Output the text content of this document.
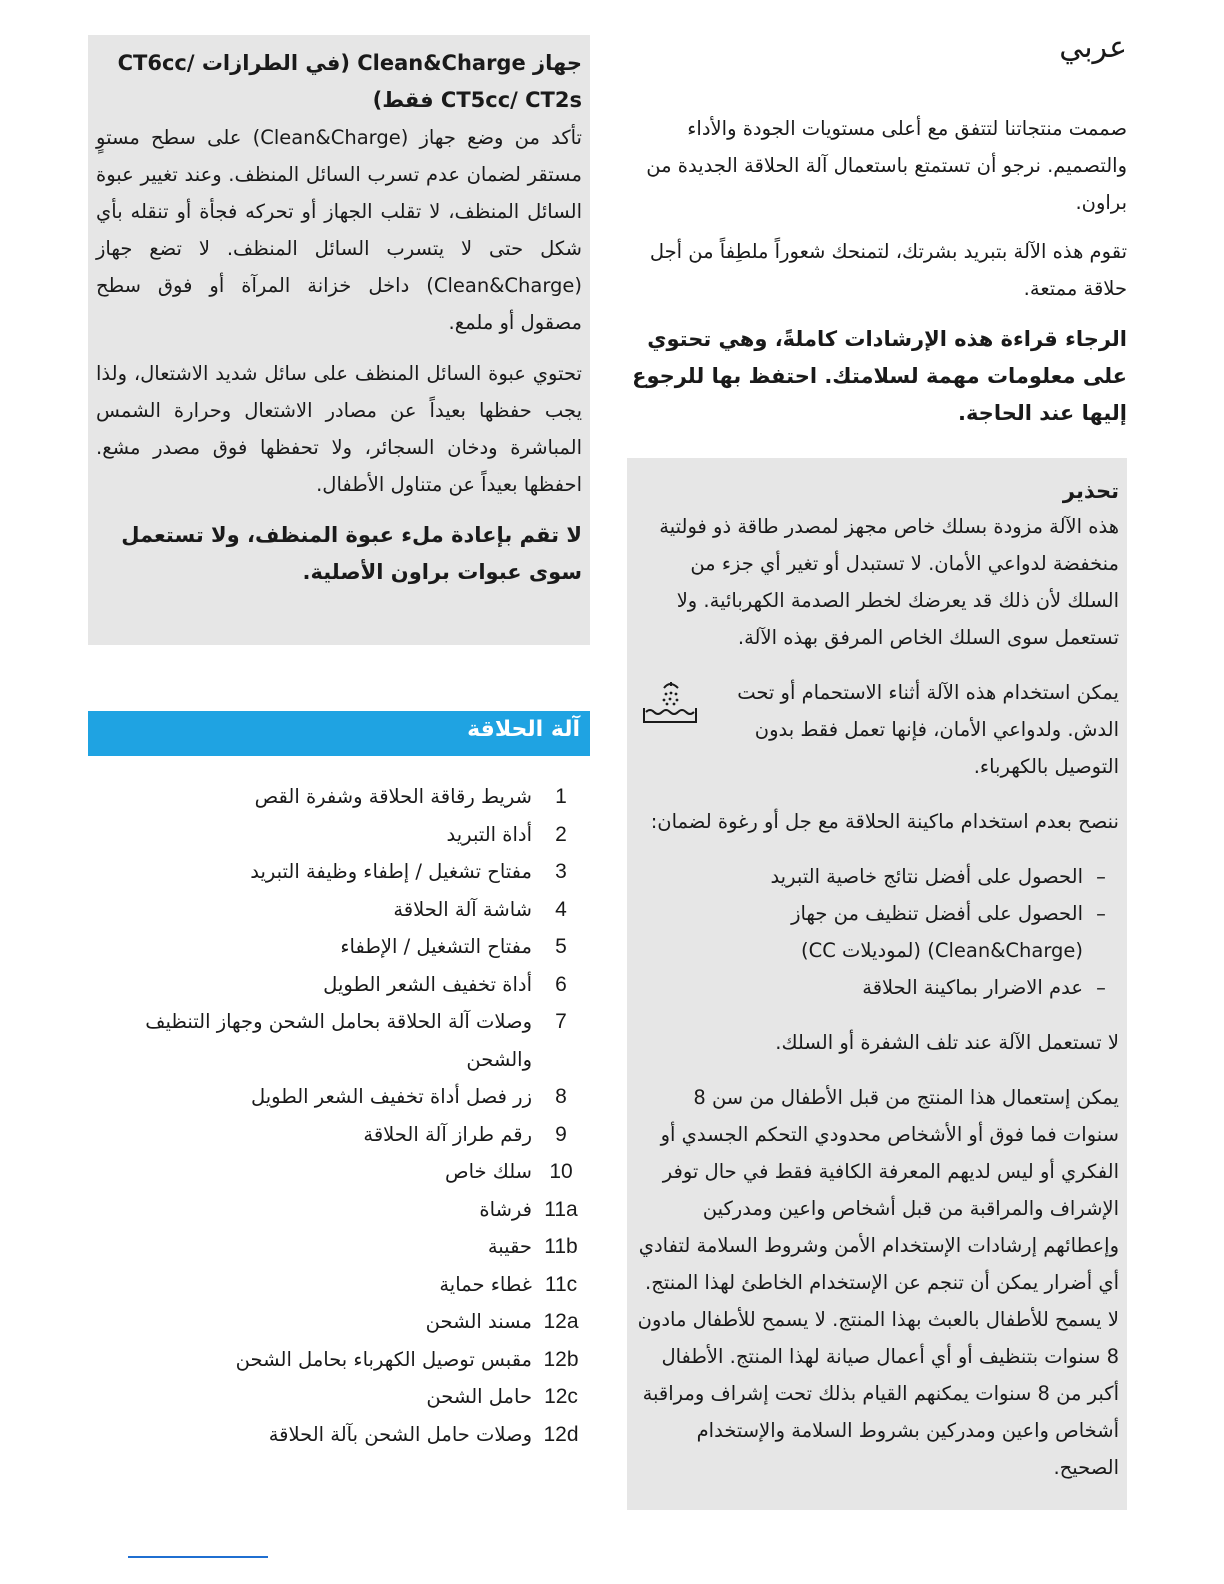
جهاز Clean&Charge (في الطرازات CT6cc/ CT5cc/ CT2s فقط)

تأكد من وضع جهاز (Clean&Charge) على سطح مستوٍ مستقر لضمان عدم تسرب السائل المنظف. وعند تغيير عبوة السائل المنظف، لا تقلب الجهاز أو تحركه فجأة أو تنقله بأي شكل حتى لا يتسرب السائل المنظف. لا تضع جهاز (Clean&Charge) داخل خزانة المرآة أو فوق سطح مصقول أو ملمع.

تحتوي عبوة السائل المنظف على سائل شديد الاشتعال، ولذا يجب حفظها بعيداً عن مصادر الاشتعال وحرارة الشمس المباشرة ودخان السجائر، ولا تحفظها فوق مصدر مشع. احفظها بعيداً عن متناول الأطفال.

لا تقم بإعادة ملء عبوة المنظف، ولا تستعمل سوى عبوات براون الأصلية.

آلة الحلاقة
1
شريط رقاقة الحلاقة وشفرة القص
2
أداة التبريد
3
مفتاح تشغيل / إطفاء وظيفة التبريد
4
شاشة آلة الحلاقة
5
مفتاح التشغيل / الإطفاء
6
أداة تخفيف الشعر الطويل
7
وصلات آلة الحلاقة بحامل الشحن وجهاز التنظيف والشحن
8
زر فصل أداة تخفيف الشعر الطويل
9
رقم طراز آلة الحلاقة
10
سلك خاص
11a
فرشاة
11b
حقيبة
11c
غطاء حماية
12a
مسند الشحن
12b
مقبس توصيل الكهرباء بحامل الشحن
12c
حامل الشحن
12d
وصلات حامل الشحن بآلة الحلاقة
عربي

صممت منتجاتنا لتتفق مع أعلى مستويات الجودة والأداء والتصميم. نرجو أن تستمتع باستعمال آلة الحلاقة الجديدة من براون.

تقوم هذه الآلة بتبريد بشرتك، لتمنحك شعوراً ملطِفاً من أجل حلاقة ممتعة.

الرجاء قراءة هذه الإرشادات كاملةً، وهي تحتوي على معلومات مهمة لسلامتك. احتفظ بها للرجوع إليها عند الحاجة.

تحذير

هذه الآلة مزودة بسلك خاص مجهز لمصدر طاقة ذو فولتية منخفضة لدواعي الأمان. لا تستبدل أو تغير أي جزء من السلك لأن ذلك قد يعرضك لخطر الصدمة الكهربائية. ولا تستعمل سوى السلك الخاص المرفق بهذه الآلة.

يمكن استخدام هذه الآلة أثناء الاستحمام أو تحت الدش. ولدواعي الأمان، فإنها تعمل فقط بدون التوصيل بالكهرباء.

ننصح بعدم استخدام ماكينة الحلاقة مع جل أو رغوة لضمان:

–
الحصول على أفضل نتائج خاصية التبريد
–
الحصول على أفضل تنظيف من جهاز (Clean&Charge) (لموديلات CC)
–
عدم الاضرار بماكينة الحلاقة

لا تستعمل الآلة عند تلف الشفرة أو السلك.

يمكن إستعمال هذا المنتج من قبل الأطفال من سن 8 سنوات فما فوق أو الأشخاص محدودي التحكم الجسدي أو الفكري أو ليس لديهم المعرفة الكافية فقط في حال توفر الإشراف والمراقبة من قبل أشخاص واعين ومدركين وإعطائهم إرشادات الإستخدام الأمن وشروط السلامة لتفادي أي أضرار يمكن أن تنجم عن الإستخدام الخاطئ لهذا المنتج. لا يسمح للأطفال بالعبث بهذا المنتج. لا يسمح للأطفال مادون 8 سنوات بتنظيف أو أي أعمال صيانة لهذا المنتج. الأطفال أكبر من 8 سنوات يمكنهم القيام بذلك تحت إشراف ومراقبة أشخاص واعين ومدركين بشروط السلامة والإستخدام الصحيح.
